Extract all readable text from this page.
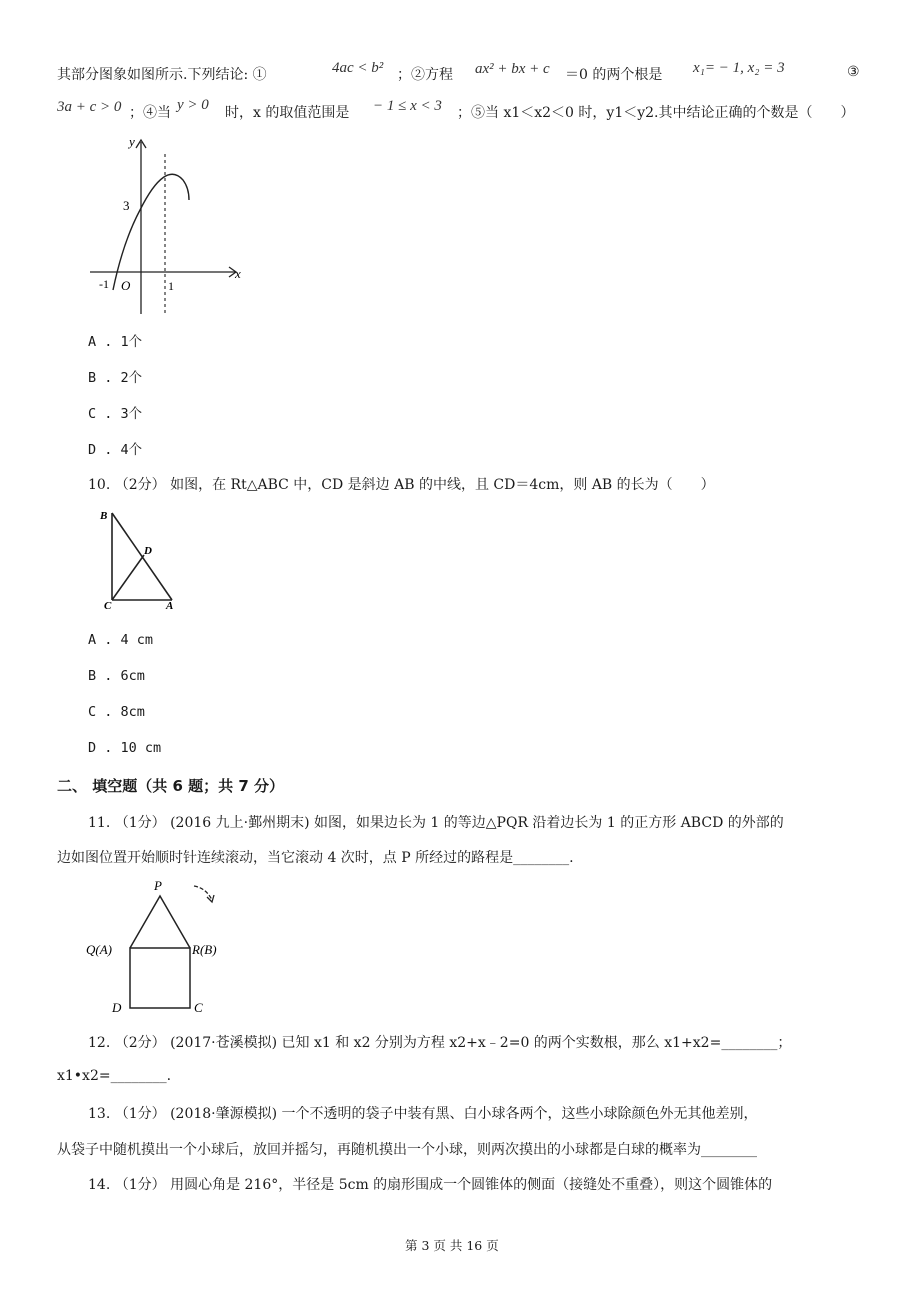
其部分图象如图所示.下列结论: ①	4ac < b² ；②方程 ax² + bx + c ＝0 的两个根是 x₁= − 1, x₂ = 3	③
3a + c > 0 ；④当 y > 0 时，x 的取值范围是 − 1 ≤ x < 3 ；⑤当 x1＜x2＜0 时，y1＜y2.其中结论正确的个数是（　　）
y
x
3
-1 O	1
A . 1个
B . 2个
C . 3个
D . 4个
10. （2分） 如图，在 Rt△ABC 中，CD 是斜边 AB 的中线，且 CD＝4cm，则 AB 的长为（　　）
B
D
C	A
A . 4 cm
B . 6cm
C . 8cm
D . 10 cm
二、 填空题（共 6 题；共 7 分）
11. （1分） (2016 九上·鄞州期末) 如图，如果边长为 1 的等边△PQR 沿着边长为 1 的正方形 ABCD 的外部的
边如图位置开始顺时针连续滚动，当它滚动 4 次时，点 P 所经过的路程是________.
P
Q(A)	R(B)
D	C
12. （2分） (2017·苍溪模拟) 已知 x1 和 x2 分别为方程 x2+x﹣2=0 的两个实数根，那么 x1+x2=________；
x1•x2=________.
13. （1分） (2018·肇源模拟) 一个不透明的袋子中装有黑、白小球各两个，这些小球除颜色外无其他差别，
从袋子中随机摸出一个小球后，放回并摇匀，再随机摸出一个小球，则两次摸出的小球都是白球的概率为________
14. （1分） 用圆心角是 216°，半径是 5cm 的扇形围成一个圆锥体的侧面（接缝处不重叠），则这个圆锥体的
第 3 页 共 16 页
